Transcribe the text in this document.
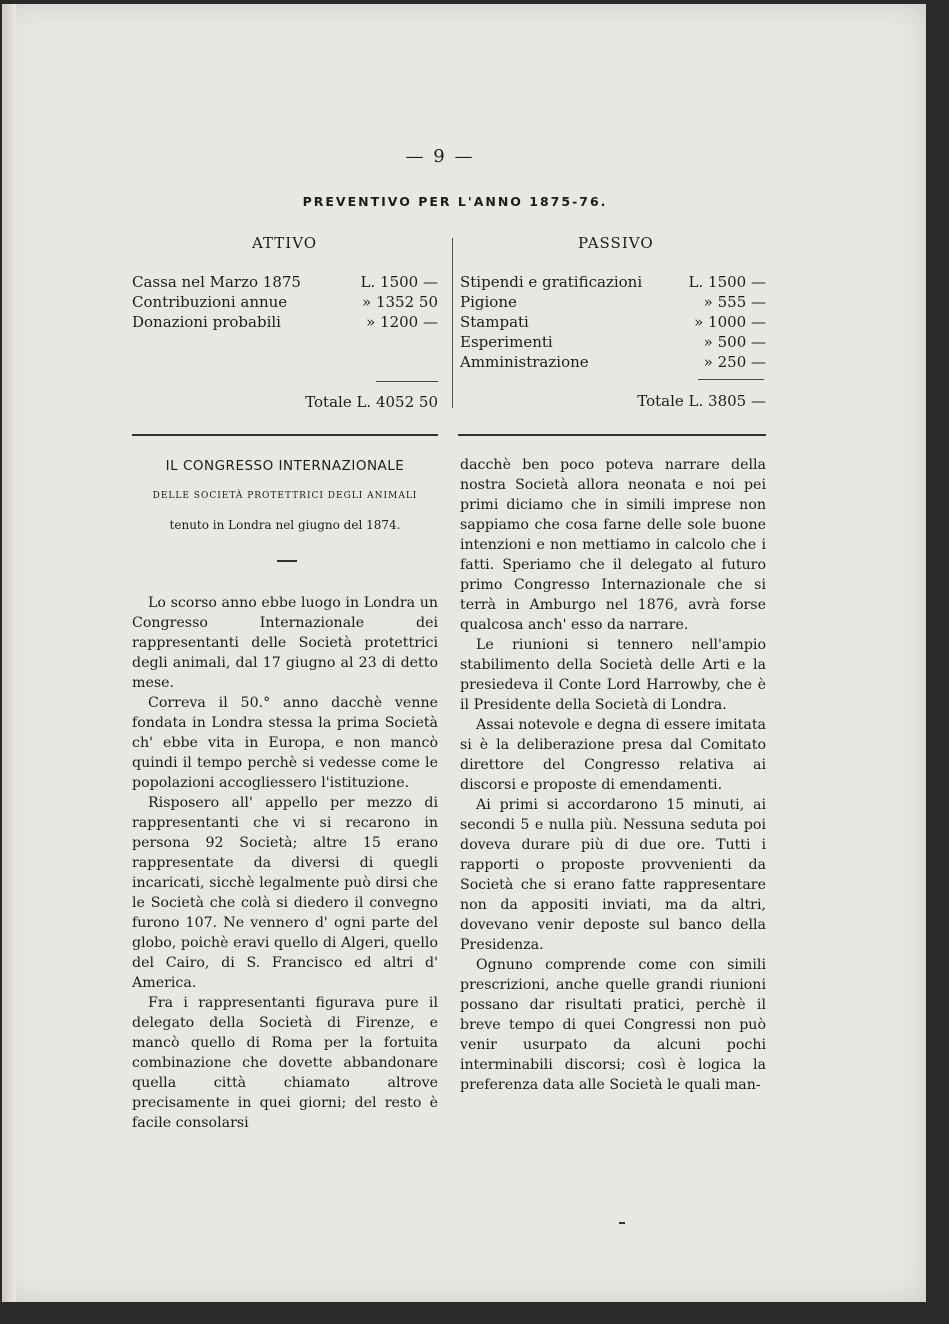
— 9 —
PREVENTIVO PER L'ANNO 1875-76.
ATTIVO	PASSIVO
Cassa nel Marzo 1875	L. 1500 —
Contribuzioni annue	» 1352 50
Donazioni probabili	» 1200 —
Totale L. 4052 50
Stipendi e gratificazioni	L. 1500 —
Pigione	» 555 —
Stampati	» 1000 —
Esperimenti	» 500 —
Amministrazione	» 250 —
Totale L. 3805 —
IL CONGRESSO INTERNAZIONALE
DELLE SOCIETÀ PROTETTRICI DEGLI ANIMALI
tenuto in Londra nel giugno del 1874.

Lo scorso anno ebbe luogo in Londra un Congresso Internazionale dei rappresentanti delle Società protettrici degli animali, dal 17 giugno al 23 di detto mese.

Correva il 50.° anno dacchè venne fondata in Londra stessa la prima Società ch' ebbe vita in Europa, e non mancò quindi il tempo perchè si vedesse come le popolazioni accogliessero l'istituzione.

Risposero all' appello per mezzo di rappresentanti che vi si recarono in persona 92 Società; altre 15 erano rappresentate da diversi di quegli incaricati, sicchè legalmente può dirsi che le Società che colà si diedero il convegno furono 107. Ne vennero d' ogni parte del globo, poichè eravi quello di Algeri, quello del Cairo, di S. Francisco ed altri d' America.

Fra i rappresentanti figurava pure il delegato della Società di Firenze, e mancò quello di Roma per la fortuita combinazione che dovette abbandonare quella città chiamato altrove precisamente in quei giorni; del resto è facile consolarsi

dacchè ben poco poteva narrare della nostra Società allora neonata e noi pei primi diciamo che in simili imprese non sappiamo che cosa farne delle sole buone intenzioni e non mettiamo in calcolo che i fatti. Speriamo che il delegato al futuro primo Congresso Internazionale che si terrà in Amburgo nel 1876, avrà forse qualcosa anch' esso da narrare.

Le riunioni si tennero nell'ampio stabilimento della Società delle Arti e la presiedeva il Conte Lord Harrowby, che è il Presidente della Società di Londra.

Assai notevole e degna di essere imitata si è la deliberazione presa dal Comitato direttore del Congresso relativa ai discorsi e proposte di emendamenti.

Ai primi si accordarono 15 minuti, ai secondi 5 e nulla più. Nessuna seduta poi doveva durare più di due ore. Tutti i rapporti o proposte provvenienti da Società che si erano fatte rappresentare non da appositi inviati, ma da altri, dovevano venir deposte sul banco della Presidenza.

Ognuno comprende come con simili prescrizioni, anche quelle grandi riunioni possano dar risultati pratici, perchè il breve tempo di quei Congressi non può venir usurpato da alcuni pochi interminabili discorsi; così è logica la preferenza data alle Società le quali man-
